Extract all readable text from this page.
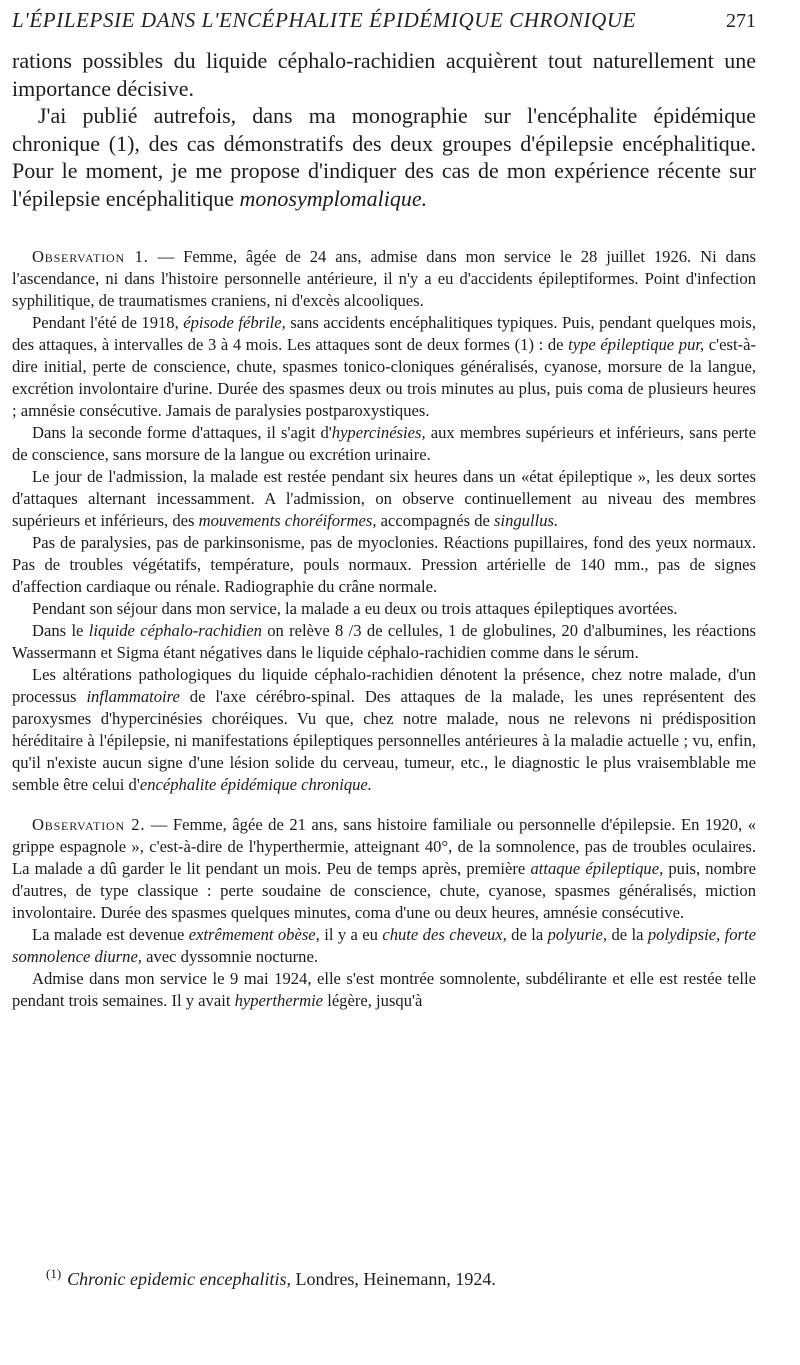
L'ÉPILEPSIE DANS L'ENCÉPHALITE ÉPIDÉMIQUE CHRONIQUE	271

rations possibles du liquide céphalo-rachidien acquièrent tout naturellement une importance décisive.

J'ai publié autrefois, dans ma monographie sur l'encéphalite épidémique chronique (1), des cas démonstratifs des deux groupes d'épilepsie encéphalitique. Pour le moment, je me propose d'indiquer des cas de mon expérience récente sur l'épilepsie encéphalitique monosymplomalique.

Observation 1. — Femme, âgée de 24 ans, admise dans mon service le 28 juillet 1926. Ni dans l'ascendance, ni dans l'histoire personnelle antérieure, il n'y a eu d'accidents épileptiformes. Point d'infection syphilitique, de traumatismes craniens, ni d'excès alcooliques.

Pendant l'été de 1918, épisode fébrile, sans accidents encéphalitiques typiques. Puis, pendant quelques mois, des attaques, à intervalles de 3 à 4 mois. Les attaques sont de deux formes (1) : de type épileptique pur, c'est-à-dire initial, perte de conscience, chute, spasmes tonico-cloniques généralisés, cyanose, morsure de la langue, excrétion involontaire d'urine. Durée des spasmes deux ou trois minutes au plus, puis coma de plusieurs heures ; amnésie consécutive. Jamais de paralysies postparoxystiques.

Dans la seconde forme d'attaques, il s'agit d'hypercinésies, aux membres supérieurs et inférieurs, sans perte de conscience, sans morsure de la langue ou excrétion urinaire.

Le jour de l'admission, la malade est restée pendant six heures dans un «état épileptique », les deux sortes d'attaques alternant incessamment. A l'admission, on observe continuellement au niveau des membres supérieurs et inférieurs, des mouvements choréiformes, accompagnés de singullus.

Pas de paralysies, pas de parkinsonisme, pas de myoclonies. Réactions pupillaires, fond des yeux normaux. Pas de troubles végétatifs, température, pouls normaux. Pression artérielle de 140 mm., pas de signes d'affection cardiaque ou rénale. Radiographie du crâne normale.

Pendant son séjour dans mon service, la malade a eu deux ou trois attaques épileptiques avortées.

Dans le liquide céphalo-rachidien on relève 8 /3 de cellules, 1 de globulines, 20 d'albumines, les réactions Wassermann et Sigma étant négatives dans le liquide céphalo-rachidien comme dans le sérum.

Les altérations pathologiques du liquide céphalo-rachidien dénotent la présence, chez notre malade, d'un processus inflammatoire de l'axe cérébro-spinal. Des attaques de la malade, les unes représentent des paroxysmes d'hypercinésies choréiques. Vu que, chez notre malade, nous ne relevons ni prédisposition héréditaire à l'épilepsie, ni manifestations épileptiques personnelles antérieures à la maladie actuelle ; vu, enfin, qu'il n'existe aucun signe d'une lésion solide du cerveau, tumeur, etc., le diagnostic le plus vraisemblable me semble être celui d'encéphalite épidémique chronique.

Observation 2. — Femme, âgée de 21 ans, sans histoire familiale ou personnelle d'épilepsie. En 1920, « grippe espagnole », c'est-à-dire de l'hyperthermie, atteignant 40°, de la somnolence, pas de troubles oculaires. La malade a dû garder le lit pendant un mois. Peu de temps après, première attaque épileptique, puis, nombre d'autres, de type classique : perte soudaine de conscience, chute, cyanose, spasmes généralisés, miction involontaire. Durée des spasmes quelques minutes, coma d'une ou deux heures, amnésie consécutive.

La malade est devenue extrêmement obèse, il y a eu chute des cheveux, de la polyurie, de la polydipsie, forte somnolence diurne, avec dyssomnie nocturne.

Admise dans mon service le 9 mai 1924, elle s'est montrée somnolente, subdélirante et elle est restée telle pendant trois semaines. Il y avait hyperthermie légère, jusqu'à

$^{(1)}$ Chronic epidemic encephalitis, Londres, Heinemann, 1924.
